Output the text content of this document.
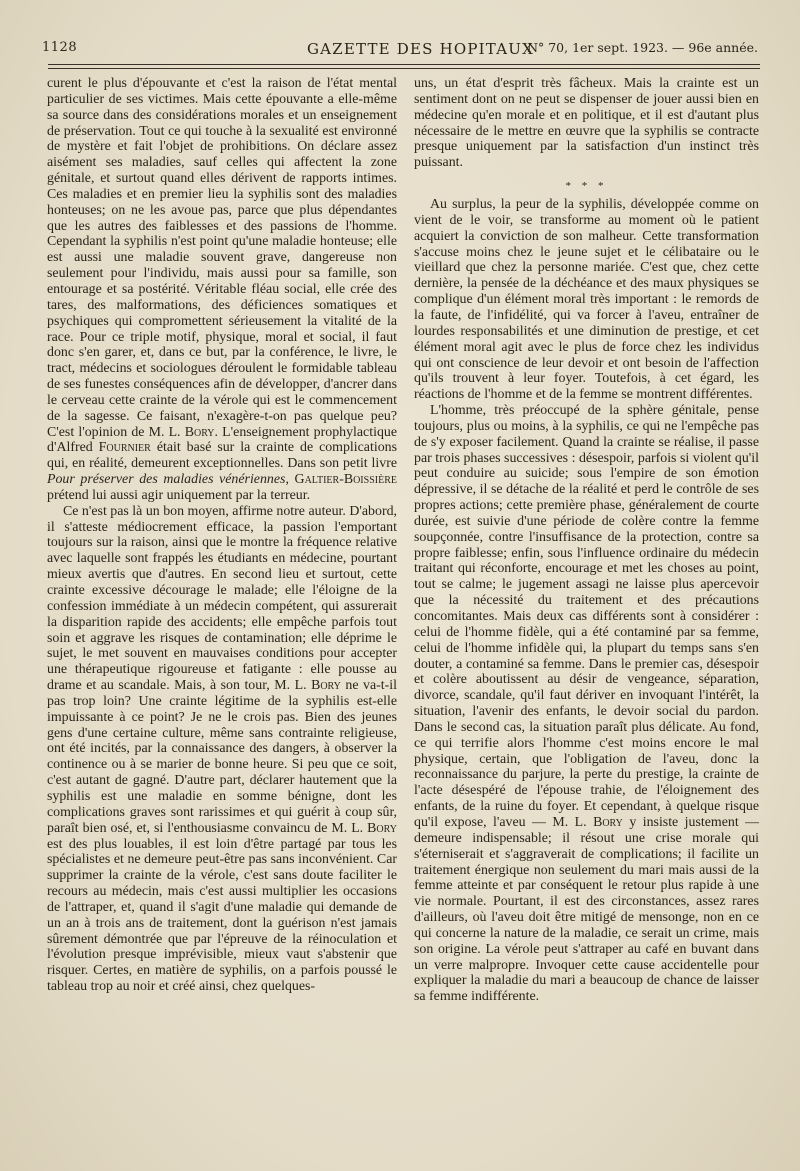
1128	GAZETTE DES HOPITAUX
N° 70, 1er sept. 1923. — 96e année.

curent le plus d'épouvante et c'est la raison de l'état mental particulier de ses victimes. Mais cette épouvante a elle-même sa source dans des considérations morales et un enseignement de préservation. Tout ce qui touche à la sexualité est environné de mystère et fait l'objet de prohibitions. On déclare assez aisément ses maladies, sauf celles qui affectent la zone génitale, et surtout quand elles dérivent de rapports intimes. Ces maladies et en premier lieu la syphilis sont des maladies honteuses; on ne les avoue pas, parce que plus dépendantes que les autres des faiblesses et des passions de l'homme. Cependant la syphilis n'est point qu'une maladie honteuse; elle est aussi une maladie souvent grave, dangereuse non seulement pour l'individu, mais aussi pour sa famille, son entourage et sa postérité. Véritable fléau social, elle crée des tares, des malformations, des déficiences somatiques et psychiques qui compromettent sérieusement la vitalité de la race. Pour ce triple motif, physique, moral et social, il faut donc s'en garer, et, dans ce but, par la conférence, le livre, le tract, médecins et sociologues déroulent le formidable tableau de ses funestes conséquences afin de développer, d'ancrer dans le cerveau cette crainte de la vérole qui est le commencement de la sagesse. Ce faisant, n'exagère-t-on pas quelque peu? C'est l'opinion de M. L. Bory. L'enseignement prophylactique d'Alfred Fournier était basé sur la crainte de complications qui, en réalité, demeurent exceptionnelles. Dans son petit livre Pour préserver des maladies vénériennes, Galtier-Boissière prétend lui aussi agir uniquement par la terreur.

Ce n'est pas là un bon moyen, affirme notre auteur. D'abord, il s'atteste médiocrement efficace, la passion l'emportant toujours sur la raison, ainsi que le montre la fréquence relative avec laquelle sont frappés les étudiants en médecine, pourtant mieux avertis que d'autres. En second lieu et surtout, cette crainte excessive décourage le malade; elle l'éloigne de la confession immédiate à un médecin compétent, qui assurerait la disparition rapide des accidents; elle empêche parfois tout soin et aggrave les risques de contamination; elle déprime le sujet, le met souvent en mauvaises conditions pour accepter une thérapeutique rigoureuse et fatigante : elle pousse au drame et au scandale. Mais, à son tour, M. L. Bory ne va-t-il pas trop loin? Une crainte légitime de la syphilis est-elle impuissante à ce point? Je ne le crois pas. Bien des jeunes gens d'une certaine culture, même sans contrainte religieuse, ont été incités, par la connaissance des dangers, à observer la continence ou à se marier de bonne heure. Si peu que ce soit, c'est autant de gagné. D'autre part, déclarer hautement que la syphilis est une maladie en somme bénigne, dont les complications graves sont rarissimes et qui guérit à coup sûr, paraît bien osé, et, si l'enthousiasme convaincu de M. L. Bory est des plus louables, il est loin d'être partagé par tous les spécialistes et ne demeure peut-être pas sans inconvénient. Car supprimer la crainte de la vérole, c'est sans doute faciliter le recours au médecin, mais c'est aussi multiplier les occasions de l'attraper, et, quand il s'agit d'une maladie qui demande de un an à trois ans de traitement, dont la guérison n'est jamais sûrement démontrée que par l'épreuve de la réinoculation et l'évolution presque imprévisible, mieux vaut s'abstenir que risquer. Certes, en matière de syphilis, on a parfois poussé le tableau trop au noir et créé ainsi, chez quelques-

uns, un état d'esprit très fâcheux. Mais la crainte est un sentiment dont on ne peut se dispenser de jouer aussi bien en médecine qu'en morale et en politique, et il est d'autant plus nécessaire de le mettre en œuvre que la syphilis se contracte presque uniquement par la satisfaction d'un instinct très puissant.

* * *

Au surplus, la peur de la syphilis, développée comme on vient de le voir, se transforme au moment où le patient acquiert la conviction de son malheur. Cette transformation s'accuse moins chez le jeune sujet et le célibataire ou le vieillard que chez la personne mariée. C'est que, chez cette dernière, la pensée de la déchéance et des maux physiques se complique d'un élément moral très important : le remords de la faute, de l'infidélité, qui va forcer à l'aveu, entraîner de lourdes responsabilités et une diminution de prestige, et cet élément moral agit avec le plus de force chez les individus qui ont conscience de leur devoir et ont besoin de l'affection qu'ils trouvent à leur foyer. Toutefois, à cet égard, les réactions de l'homme et de la femme se montrent différentes.

L'homme, très préoccupé de la sphère génitale, pense toujours, plus ou moins, à la syphilis, ce qui ne l'empêche pas de s'y exposer facilement. Quand la crainte se réalise, il passe par trois phases successives : désespoir, parfois si violent qu'il peut conduire au suicide; sous l'empire de son émotion dépressive, il se détache de la réalité et perd le contrôle de ses propres actions; cette première phase, généralement de courte durée, est suivie d'une période de colère contre la femme soupçonnée, contre l'insuffisance de la protection, contre sa propre faiblesse; enfin, sous l'influence ordinaire du médecin traitant qui réconforte, encourage et met les choses au point, tout se calme; le jugement assagi ne laisse plus apercevoir que la nécessité du traitement et des précautions concomitantes. Mais deux cas différents sont à considérer : celui de l'homme fidèle, qui a été contaminé par sa femme, celui de l'homme infidèle qui, la plupart du temps sans s'en douter, a contaminé sa femme. Dans le premier cas, désespoir et colère aboutissent au désir de vengeance, séparation, divorce, scandale, qu'il faut dériver en invoquant l'intérêt, la situation, l'avenir des enfants, le devoir social du pardon. Dans le second cas, la situation paraît plus délicate. Au fond, ce qui terrifie alors l'homme c'est moins encore le mal physique, certain, que l'obligation de l'aveu, donc la reconnaissance du parjure, la perte du prestige, la crainte de l'acte désespéré de l'épouse trahie, de l'éloignement des enfants, de la ruine du foyer. Et cependant, à quelque risque qu'il expose, l'aveu — M. L. Bory y insiste justement — demeure indispensable; il résout une crise morale qui s'éterniserait et s'aggraverait de complications; il facilite un traitement énergique non seulement du mari mais aussi de la femme atteinte et par conséquent le retour plus rapide à une vie normale. Pourtant, il est des circonstances, assez rares d'ailleurs, où l'aveu doit être mitigé de mensonge, non en ce qui concerne la nature de la maladie, ce serait un crime, mais son origine. La vérole peut s'attraper au café en buvant dans un verre malpropre. Invoquer cette cause accidentelle pour expliquer la maladie du mari a beaucoup de chance de laisser sa femme indifférente.
